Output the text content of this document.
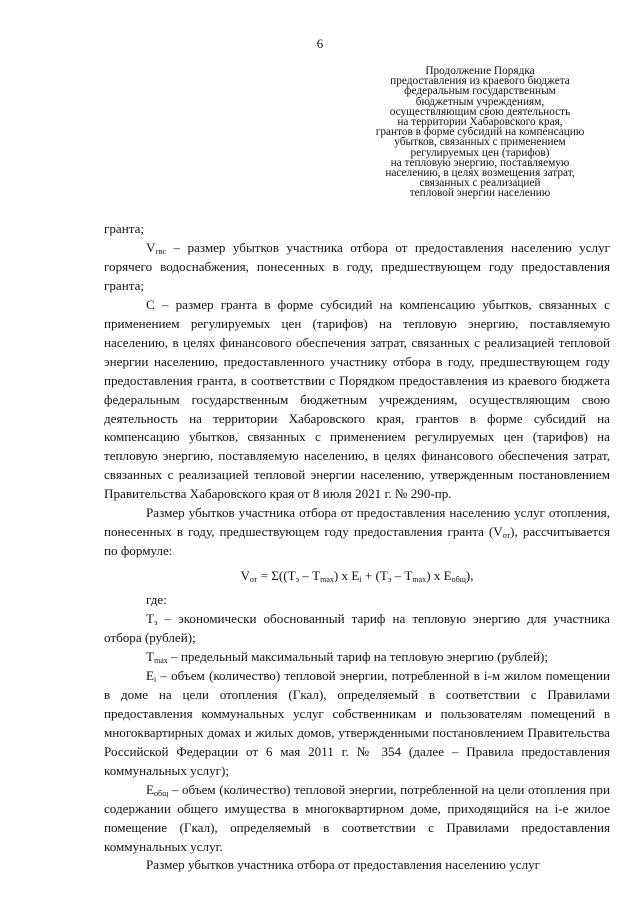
6
Продолжение Порядка
предоставления из краевого бюджета
федеральным государственным
бюджетным учреждениям,
осуществляющим свою деятельность
на территории Хабаровского края,
грантов в форме субсидий на компенсацию
убытков, связанных с применением
регулируемых цен (тарифов)
на тепловую энергию, поставляемую
населению, в целях возмещения затрат,
связанных с реализацией
тепловой энергии населению

гранта;

$V_{гвс}$ – размер убытков участника отбора от предоставления населению услуг горячего водоснабжения, понесенных в году, предшествующем году предоставления гранта;

С – размер гранта в форме субсидий на компенсацию убытков, связанных с применением регулируемых цен (тарифов) на тепловую энергию, поставляемую населению, в целях финансового обеспечения затрат, связанных с реализацией тепловой энергии населению, предоставленного участнику отбора в году, предшествующем году предоставления гранта, в соответствии с Порядком предоставления из краевого бюджета федеральным государственным бюджетным учреждениям, осуществляющим свою деятельность на территории Хабаровского края, грантов в форме субсидий на компенсацию убытков, связанных с применением регулируемых цен (тарифов) на тепловую энергию, поставляемую населению, в целях финансового обеспечения затрат, связанных с реализацией тепловой энергии населению, утвержденным постановлением Правительства Хабаровского края от 8 июля 2021 г. № 290-пр.

Размер убытков участника отбора от предоставления населению услуг отопления, понесенных в году, предшествующем году предоставления гранта $(V_{от})$, рассчитывается по формуле:

$V_{от} = \Sigma((Т_э - Т_{max})$ х $E_i + (Т_э - Т_{max})$ х $E_{общ}$),

где:

$Т_э$ – экономически обоснованный тариф на тепловую энергию для участника отбора (рублей);

$Т_{max}$ – предельный максимальный тариф на тепловую энергию (рублей);

$E_i$ – объем (количество) тепловой энергии, потребленной в i-м жилом помещении в доме на цели отопления (Гкал), определяемый в соответствии с Правилами предоставления коммунальных услуг собственникам и пользователям помещений в многоквартирных домах и жилых домов, утвержденными постановлением Правительства Российской Федерации от 6 мая 2011 г. № 354 (далее – Правила предоставления коммунальных услуг);

$E_{общ}$ – объем (количество) тепловой энергии, потребленной на цели отопления при содержании общего имущества в многоквартирном доме, приходящийся на i-е жилое помещение (Гкал), определяемый в соответствии с Правилами предоставления коммунальных услуг.

Размер убытков участника отбора от предоставления населению услуг
